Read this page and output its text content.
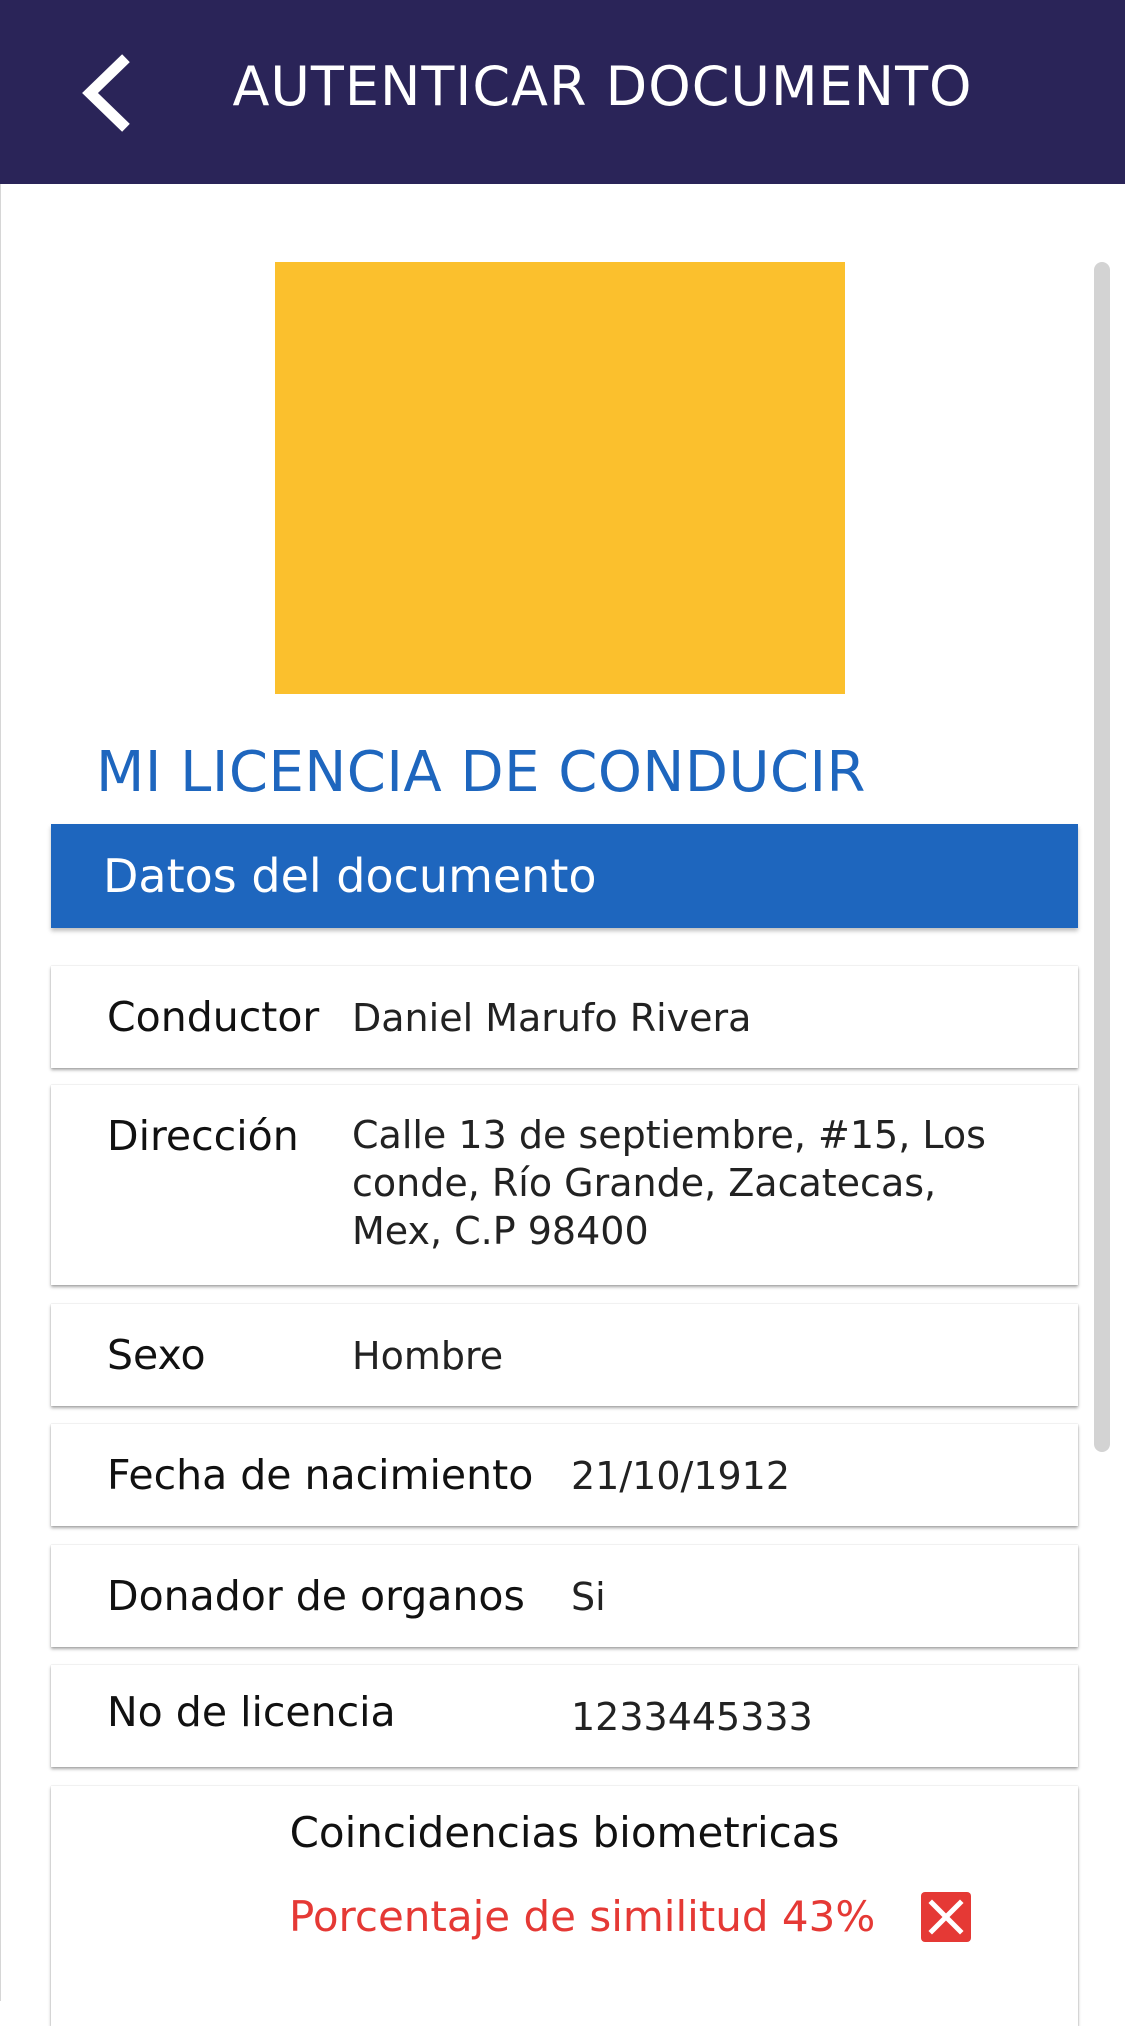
AUTENTICAR DOCUMENTO
MI LICENCIA DE CONDUCIR
Datos del documento
Conductor Daniel Marufo Rivera
Dirección Calle 13 de septiembre, #15, Los conde, Río Grande, Zacatecas, Mex, C.P 98400
Sexo	Hombre
Fecha de nacimiento 21/10/1912
Donador de organos Si
No de licencia	1233445333
Coincidencias biometricas
Porcentaje de similitud 43%
